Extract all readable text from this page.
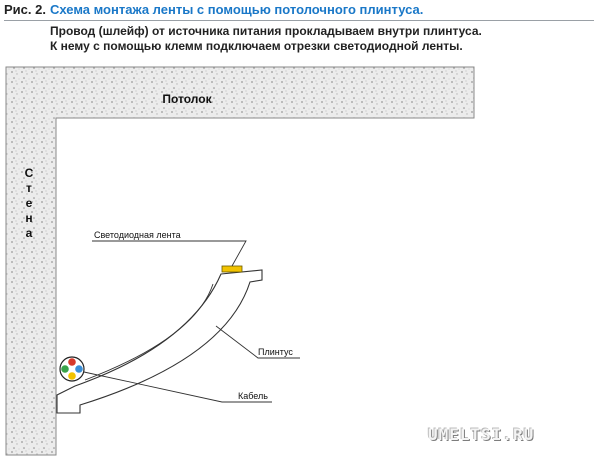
Рис. 2. Схема монтажа ленты с помощью потолочного плинтуса.
Провод (шлейф) от источника питания прокладываем внутри плинтуса.
К нему с помощью клемм подключаем отрезки светодиодной ленты.
Потолок
С
т
е
н
а	Светодиодная лента
Плинтус
Кабель
UMELTSI.RU
